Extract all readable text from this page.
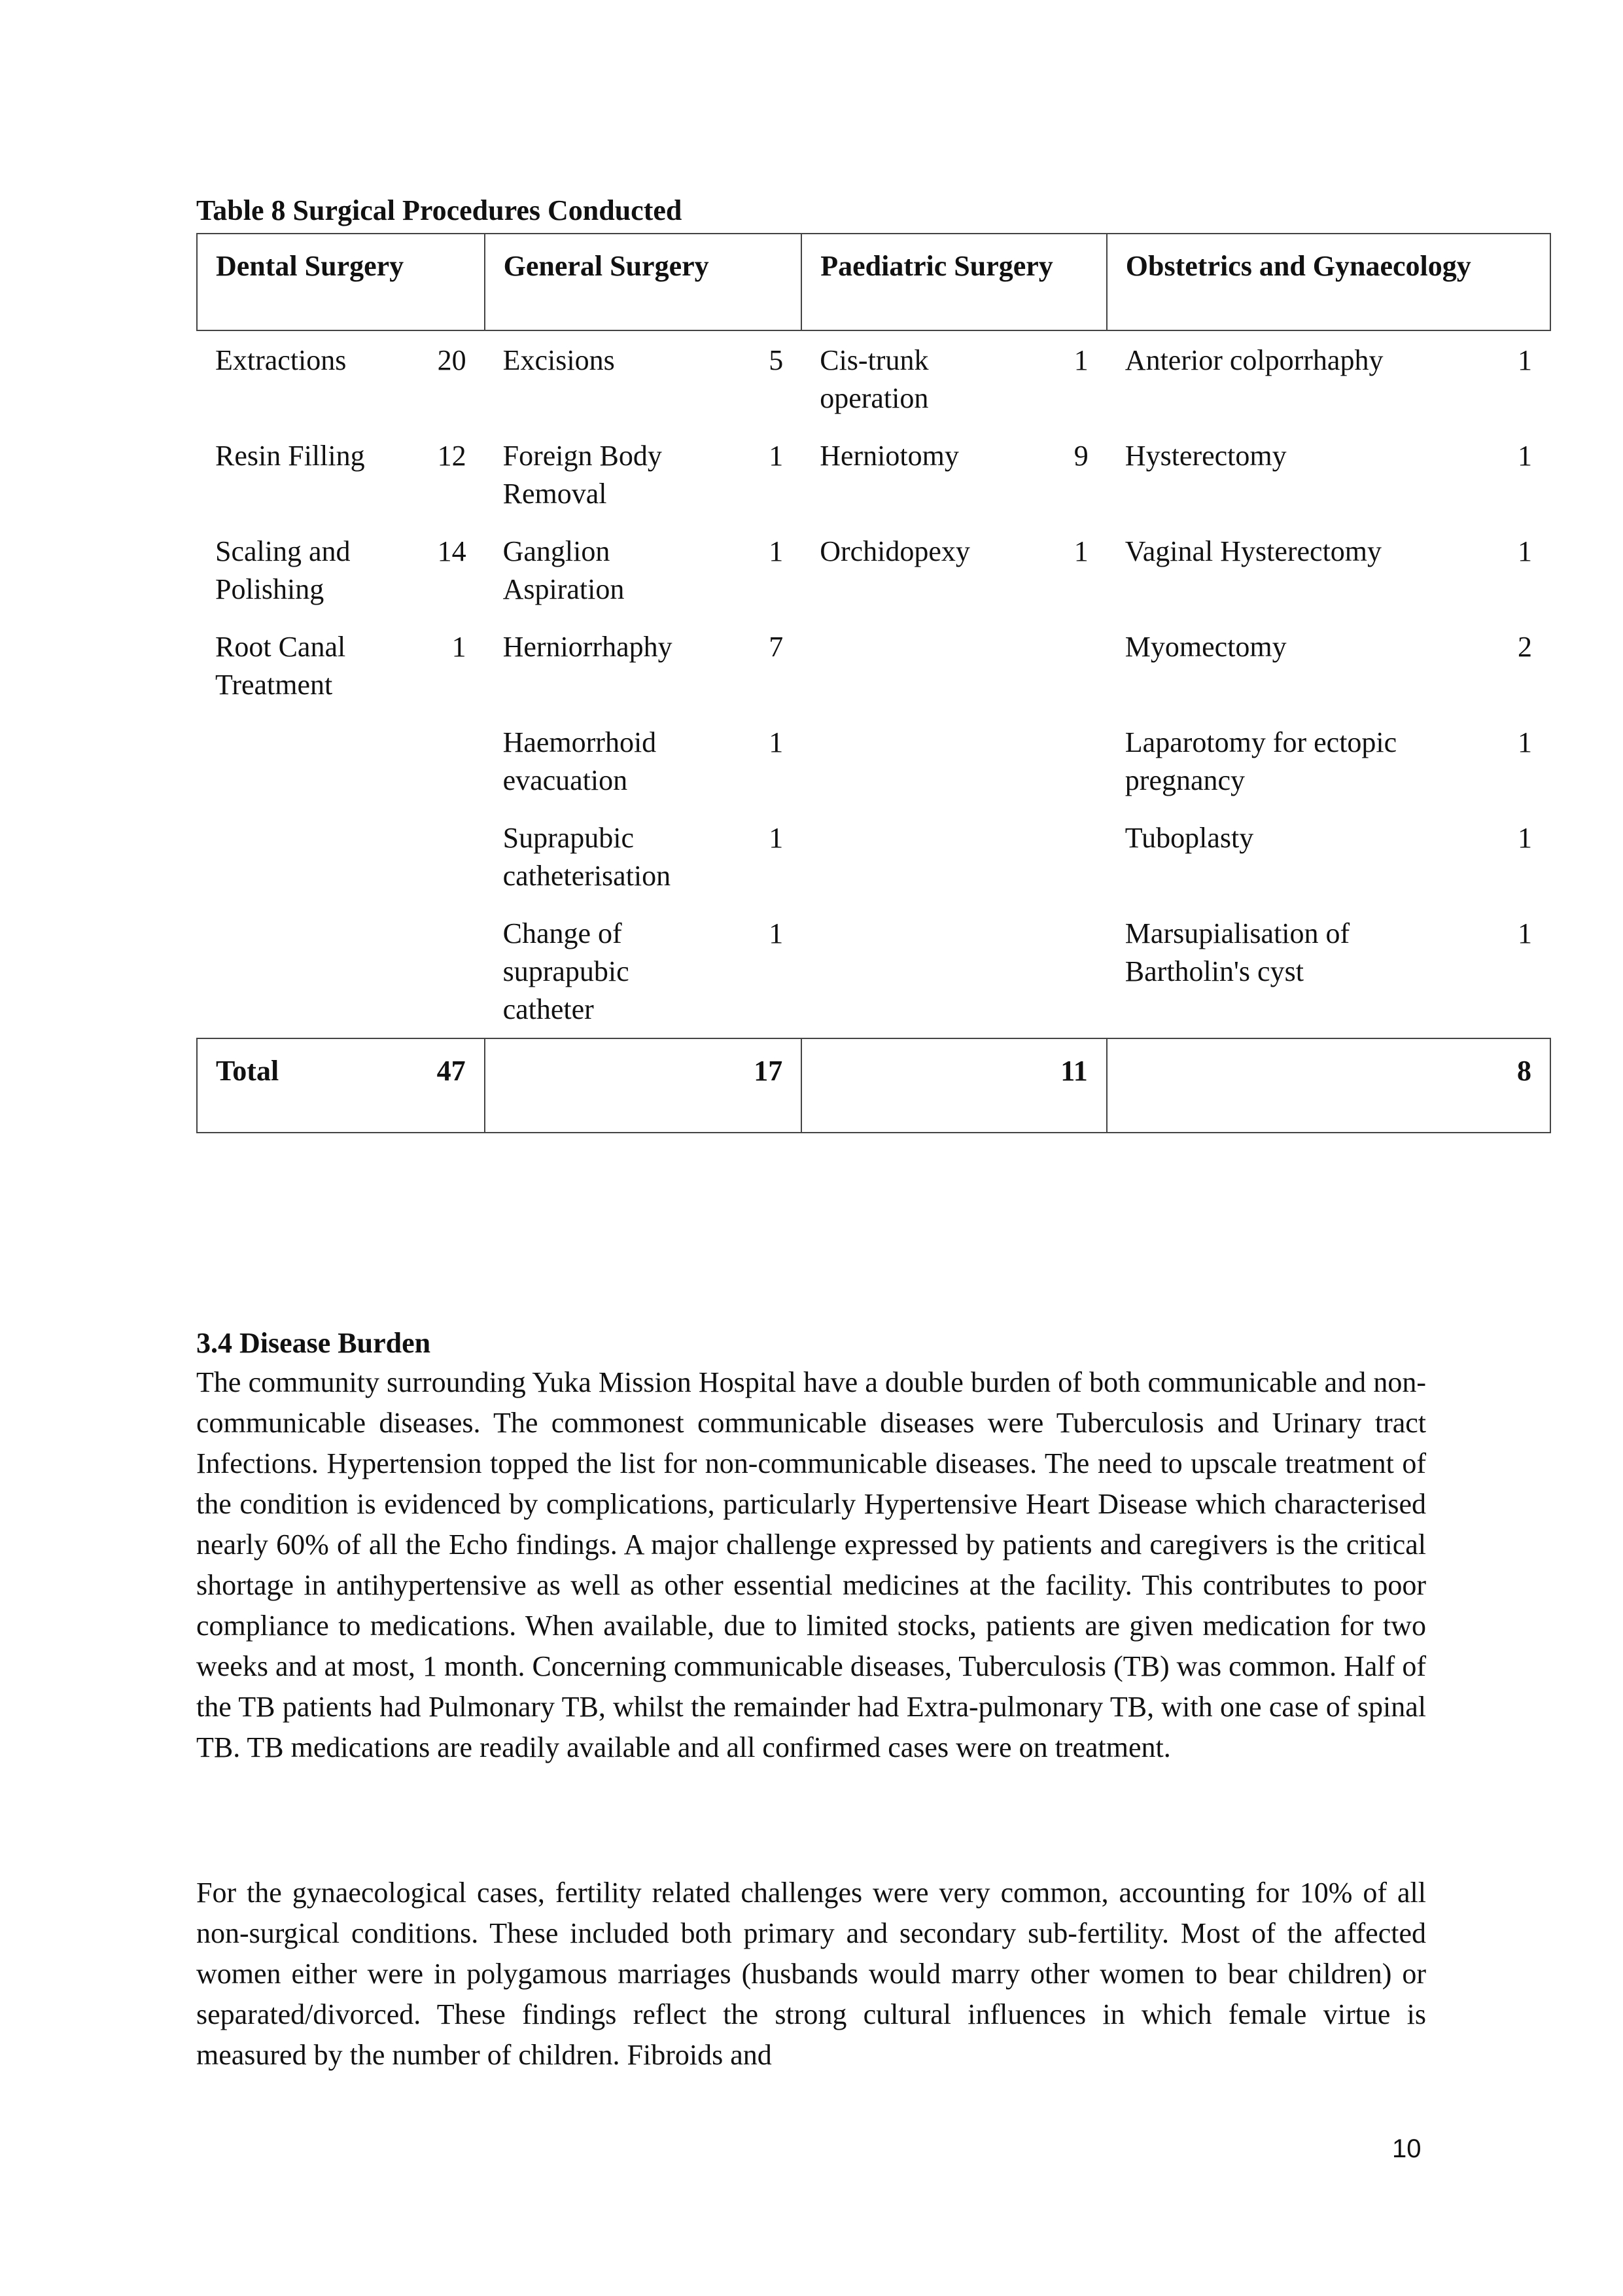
Table 8 Surgical Procedures Conducted
Dental Surgery		General Surgery		Paediatric Surgery		Obstetrics and Gynaecology	
Extractions	20	Excisions	5	Cis-trunk operation	1	Anterior colporrhaphy	1
Resin Filling	12	Foreign Body Removal	1	Herniotomy	9	Hysterectomy	1
Scaling and Polishing	14	Ganglion Aspiration	1	Orchidopexy	1	Vaginal Hysterectomy	1
Root Canal Treatment	1	Herniorrhaphy	7			Myomectomy	2
		Haemorrhoid evacuation	1			Laparotomy for ectopic pregnancy	1
		Suprapubic catheterisation	1			Tuboplasty	1
		Change of suprapubic catheter	1			Marsupialisation of Bartholin's cyst	1
Total	47		17		11		8
3.4 Disease Burden

The community surrounding Yuka Mission Hospital have a double burden of both communicable and non-communicable diseases. The commonest communicable diseases were Tuberculosis and Urinary tract Infections. Hypertension topped the list for non-communicable diseases. The need to upscale treatment of the condition is evidenced by complications, particularly Hypertensive Heart Disease which characterised nearly 60% of all the Echo findings. A major challenge expressed by patients and caregivers is the critical shortage in antihypertensive as well as other essential medicines at the facility. This contributes to poor compliance to medications. When available, due to limited stocks, patients are given medication for two weeks and at most, 1 month. Concerning communicable diseases, Tuberculosis (TB) was common. Half of the TB patients had Pulmonary TB, whilst the remainder had Extra-pulmonary TB, with one case of spinal TB. TB medications are readily available and all confirmed cases were on treatment.

For the gynaecological cases, fertility related challenges were very common, accounting for 10% of all non-surgical conditions. These included both primary and secondary sub-fertility. Most of the affected women either were in polygamous marriages (husbands would marry other women to bear children) or separated/divorced. These findings reflect the strong cultural influences in which female virtue is measured by the number of children. Fibroids and

10
